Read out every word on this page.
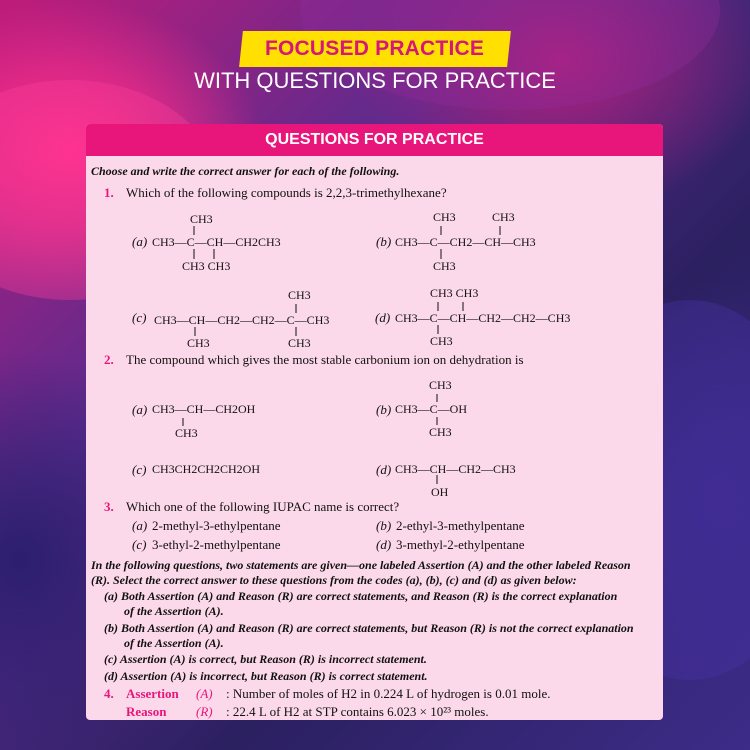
FOCUSED PRACTICE
WITH QUESTIONS FOR PRACTICE
QUESTIONS FOR PRACTICE
Choose and write the correct answer for each of the following.
1. Which of the following compounds is 2,2,3-trimethylhexane?
(a)
CH3
CH3—C—CH—CH2CH3
CH3 CH3
(b)
CH3	CH3
CH3—C—CH2—CH—CH3
CH3
(c)
CH3
CH3—CH—CH2—CH2—C—CH3
CH3	CH3
(d)
CH3 CH3
CH3—C—CH—CH2—CH2—CH3
CH3
2. The compound which gives the most stable carbonium ion on dehydration is
(a) CH3—CH—CH2OH
CH3
(b)
CH3
CH3—C—OH
CH3
(c) CH3CH2CH2CH2OH	(d) CH3—CH—CH2—CH3
OH
3. Which one of the following IUPAC name is correct?
(a) 2-methyl-3-ethylpentane	(b) 2-ethyl-3-methylpentane
(c) 3-ethyl-2-methylpentane	(d) 3-methyl-2-ethylpentane
In the following questions, two statements are given—one labeled Assertion (A) and the other labeled Reason
(R). Select the correct answer to these questions from the codes (a), (b), (c) and (d) as given below:
(a) Both Assertion (A) and Reason (R) are correct statements, and Reason (R) is the correct explanation
of the Assertion (A).
(b) Both Assertion (A) and Reason (R) are correct statements, but Reason (R) is not the correct explanation
of the Assertion (A).
(c) Assertion (A) is correct, but Reason (R) is incorrect statement.
(d) Assertion (A) is incorrect, but Reason (R) is correct statement.
4. Assertion (A) : Number of moles of H2 in 0.224 L of hydrogen is 0.01 mole.
Reason (R) : 22.4 L of H2 at STP contains 6.023 × 10²³ moles.
